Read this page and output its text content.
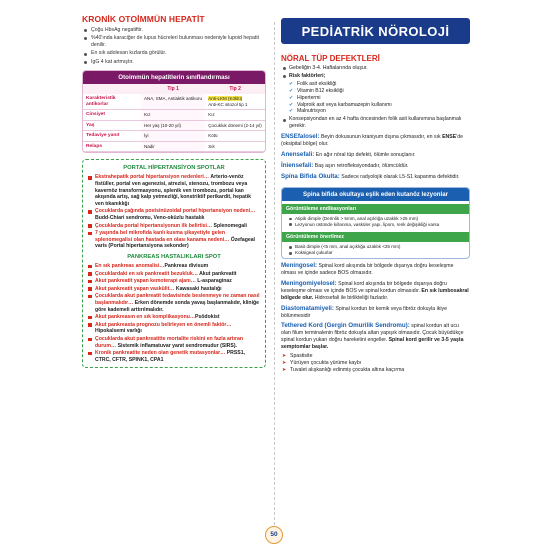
KRONİK OTOİMMÜN HEPATİT
Çoğu HbsAg negatiftir.
%40'ında karaciğer de lupus hücreleri bulunması nedeniyle lupoid hepatit denilir.
En sık adolesan kızlarda görülür.
IgG 4 kat artmıştır.
Otoimmün hepatitlerin sınıflandırması
	Tip 1	Tip 2
Karakteristik antikorlar	ANA, SMA, Antiaktik antikoru	Anti-LKM (Köklü)
Anti-KC sitozol tip 1
Cinsiyet	Kız	Kız
Yaş	Her yaş (10-20 yıl)	Çocukluk dönemi (2-14 yıl)
Tedaviye yanıt	İyi	Kötü
Relaps	Nadir	Sık
PORTAL HİPERTANSİYON SPOTLAR
Ekstrahepatik portal hipertansiyon nedenleri… Arterio-venöz fistüller, portal ven agenezisi, atrezisi, stenozu, trombozu veya kavernöz transformasyonu, splenik ven trombozu, portal kan akışında artış, sağ kalp yetmezliği, konstriktif perikardit, hepatik ven tıkanıklığı
Çocuklarda çağında postsinüzoidal portal hipertansiyon nedeni… Budd-Chiari sendromu, Veno-oküzlu hastalık
Çocuklarda portal hipertansiyonun ilk belirtisi… Splenomegali
7 yaşında bel mikrofida kanlı kusma şikayetiyle gelen splenomegalisi olan hastada en olası kanama nedeni… Özefageal varis (Portal hipertansiyona sekonder)
PANKREAS HASTALIKLARI SPOT
En sık pankreas anomalisi…Pankreas divisum
Çocuklardaki en sık pankreatit bezukluk… Akut pankreatit
Akut pankreatit yapan kemoterapi ajanı… L-asparaginaz
Akut pankreatit yapan vaskülit… Kawasaki hastalığı
Çocuklarda akut pankreatit tedavisinde beslenmeye ne zaman nasıl başlanmalıdır… Erken dönemde sonda yavaş başlanmalıdır, kliniğe göre kademeli arttırılmalıdır.
Akut pankreasın en sık komplikasyonu…Psödokist
Akut pankreasta prognozu belirleyen en önemli faktör… Hipokalsemi varlığı
Çocuklarda akut pankreatitte mortalite riskini en fazla artıran durum… Sistemik inflamatuvar yanıt sendromudur (SIRS).
Kronik pankreatite neden olan genetik mutasyonlar… PRSS1, CTRC, CFTR, SPINK1, CPA1
PEDİATRİK NÖROLOJİ
NÖRAL TÜP DEFEKTLERİ
Gebeliğin 3-4. Haftalarında oluşur.
Risk faktörleri;
✔ Folik asit eksikliği
✔ Vitamin B12 eksikliği
✔ Hipertermi
✔ Valproik asit veya karbamazepin kullanımı
✔ Malnutrisyon
Konsepsiyondan en az 4 hafta öncesinden folik asit kullanımına başlanmalı gerekir.

ENSEfalosel: Beyin dokusunun kraniyum dışına çıkmasıdır, en sık ENSE'de (oksipital bölge) olur.

Anensefali: En ağır nöral tüp defekti, ölümle sonuçlanır.

İniensefali: Baş aşırı retrofleksiyondadır, ölümcüldür.

Spina Bifida Okulta: Sadece radyolojik olarak L5-S1 kapanma defektidir.

Spina bifida okultaya eşlik eden kutanöz lezyonlar
Görüntüleme endikasyonları
Atipik dimple (Derinlik > 5mm, anal açıklığa uzaklık >25 mm)
Lezyonun üstünde kıllanma, vasküler yapı, lipom, renk değişikliği varsa
Görüntüleme önerilmez
Basit dimple (<5 mm, anal açıklığa uzaklık <25 mm)
Koksigeal çukurlar

Meningosel: Spinal kord akışında bir bölgede dışarıya doğru keseleşme olması ve içinde sadece BOS olmasıdır.

Meningomiyelosel: Spinal kord akışında bir bölgede dışarıya doğru keseleşme olması ve içinde BOS ve spinal kordun olmasıdır. En sık lumbosakral bölgede olur. Hidrosefali ile birlikteliği fazladır.

Diastomatamiyeli: Spinal kordun bir kemik veya fibröz dokuyla ikiye bölünmesidir

Tethered Kord (Gergin Omurilik Sendromu): spinal kordun alt ucu olan filum terminalenin fibröz dokuyla altan yapışık olmasıdır. Çocuk büyüdükçe spinal kordun yukarı doğru hareketini engeller. Spinal kord gerilir ve 3-5 yaşta semptomlar başlar.

➤ Spastisite
➤ Yürüyen çocukta yürüme kaybı
➤ Tuvalet alışkanlığı edinmiş çocukta altına kaçırma
50
